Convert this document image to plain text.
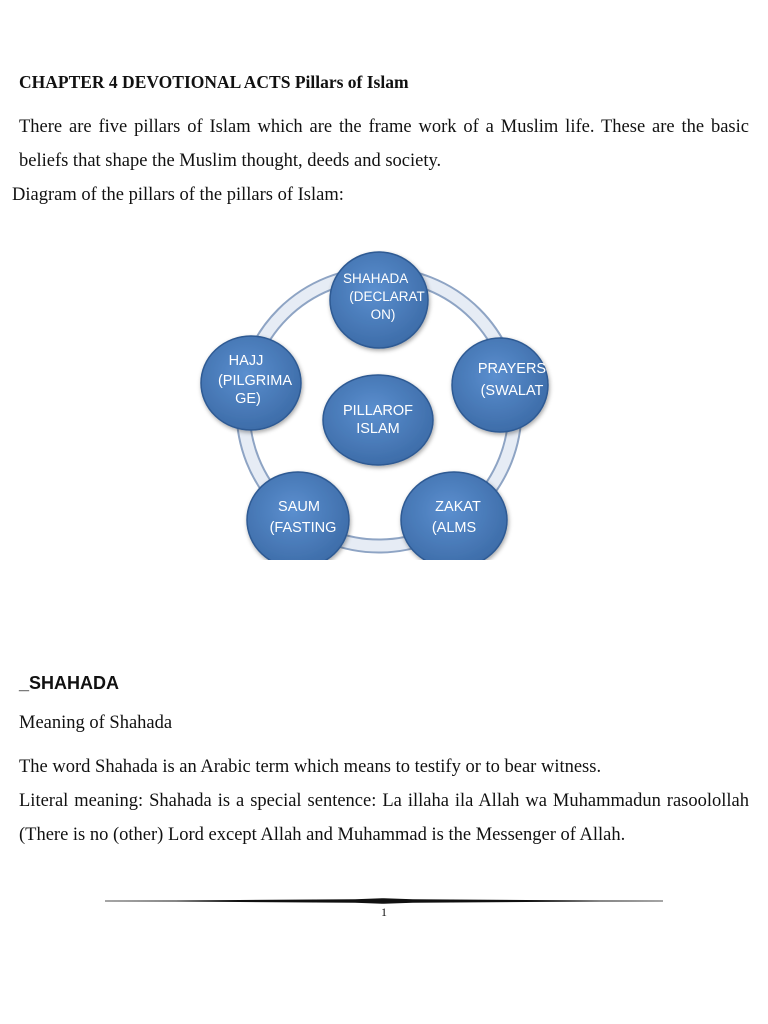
CHAPTER 4 DEVOTIONAL ACTS Pillars of Islam
There are five pillars of Islam which are the frame work of a Muslim life. These are the basic beliefs that shape the Muslim thought, deeds and society.
Diagram of the pillars of the pillars of Islam:
PILLAROF
ISLAM
SHAHADA
(DECLARAT
ON)
PRAYERS
(SWALAT
ZAKAT
(ALMS
SAUM
(FASTING
HAJJ
(PILGRIMA
GE)
_SHAHADA
Meaning of Shahada
The word Shahada is an Arabic term which means to testify or to bear witness.
Literal meaning: Shahada is a special sentence: La illaha ila Allah wa Muhammadun rasoolollah (There is no (other) Lord except Allah and Muhammad is the Messenger of Allah.
1
